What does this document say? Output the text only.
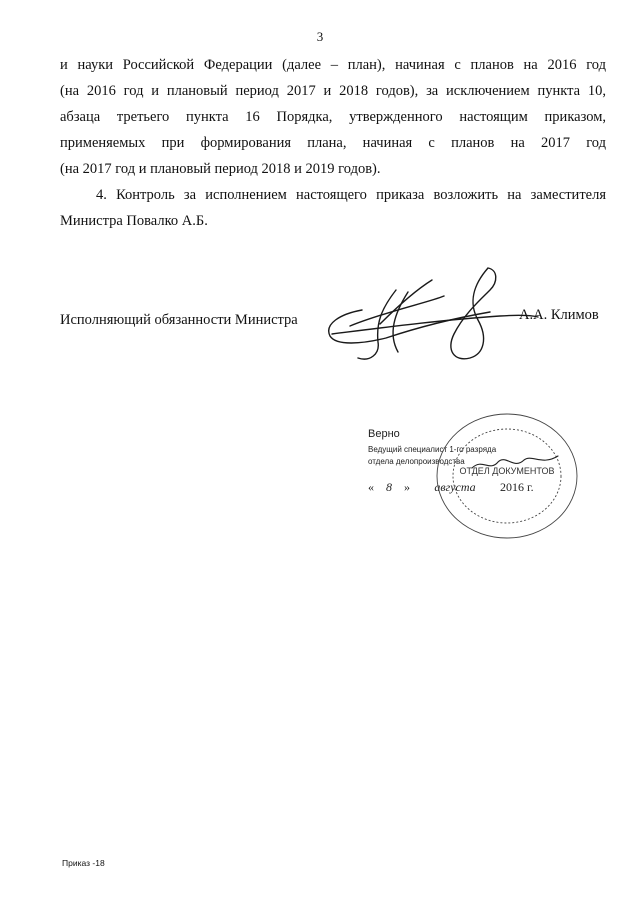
3
и науки Российской Федерации (далее – план), начиная с планов на 2016 год
(на 2016 год и плановый период 2017 и 2018 годов), за исключением пункта 10,
абзаца третьего пункта 16 Порядка, утвержденного настоящим приказом,
применяемых при формирования плана, начиная с планов на 2017 год
(на 2017 год и плановый период 2018 и 2019 годов).
4. Контроль за исполнением настоящего приказа возложить на заместителя
Министра Повалко А.Б.
Исполняющий обязанности Министра	А.А. Климов
Верно
Ведущий специалист 1-го разряда
отдела делопроизводства
« 8 » августа 2016 г.
ОТДЕЛ ДОКУМЕНТОВ
Приказ -18
